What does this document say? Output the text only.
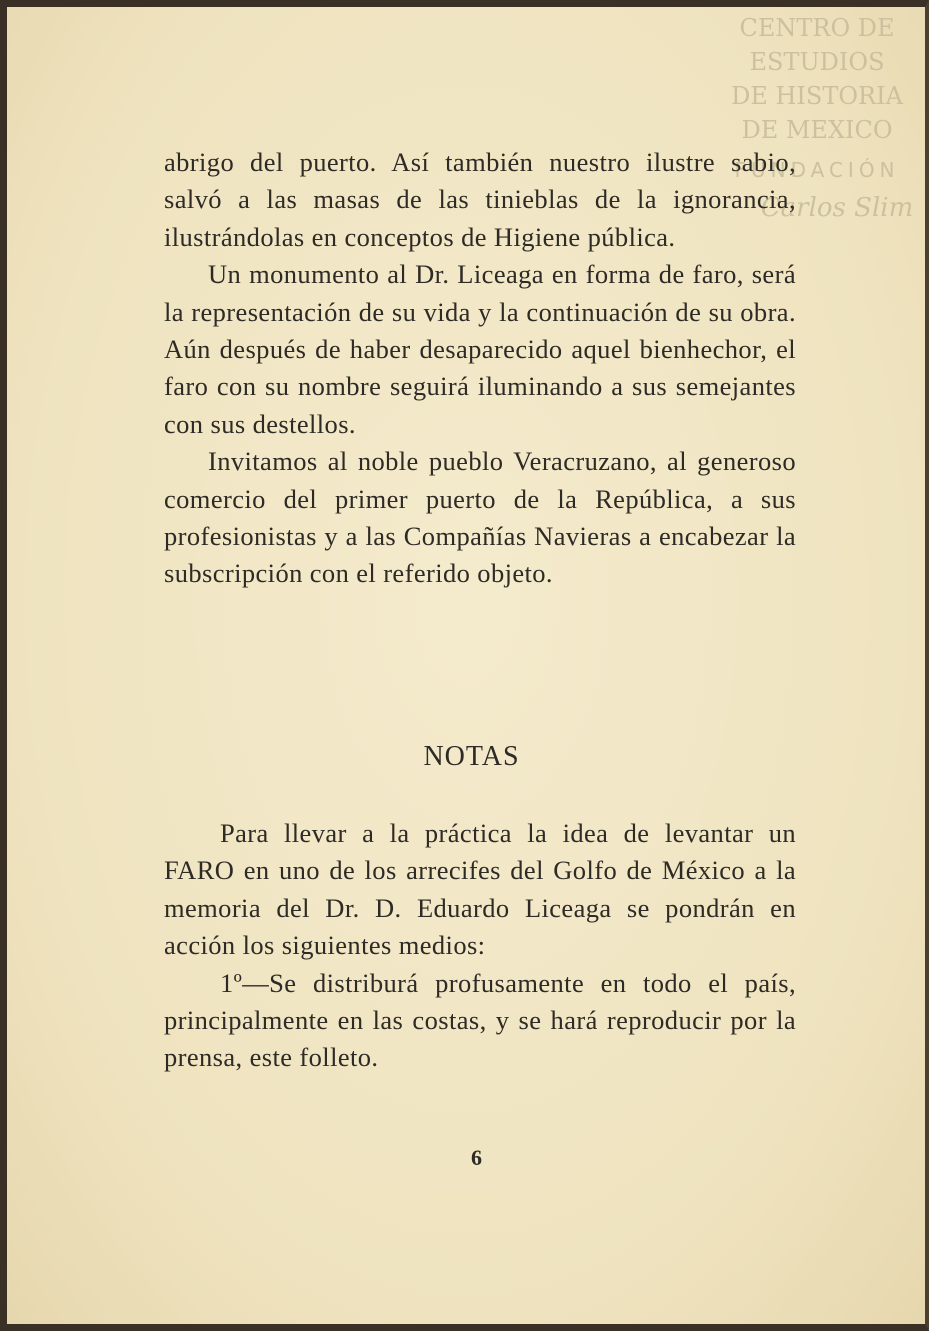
CENTRO DE
ESTUDIOS
DE HISTORIA
DE MEXICO
FUNDACIÓN
Carlos Slim

abrigo del puerto. Así también nuestro ilustre sabio, salvó a las masas de las tinieblas de la ignorancia, ilustrándolas en conceptos de Higiene pública.

Un monumento al Dr. Liceaga en forma de faro, será la representación de su vida y la continuación de su obra. Aún después de haber desaparecido aquel bienhechor, el faro con su nombre seguirá iluminando a sus semejantes con sus destellos.

Invitamos al noble pueblo Veracruzano, al generoso comercio del primer puerto de la República, a sus profesionistas y a las Compañías Navieras a encabezar la subscripción con el referido objeto.

NOTAS

Para llevar a la práctica la idea de levantar un FARO en uno de los arrecifes del Golfo de México a la memoria del Dr. D. Eduardo Liceaga se pondrán en acción los siguientes medios:

1º—Se distriburá profusamente en todo el país, principalmente en las costas, y se hará reproducir por la prensa, este folleto.

6
